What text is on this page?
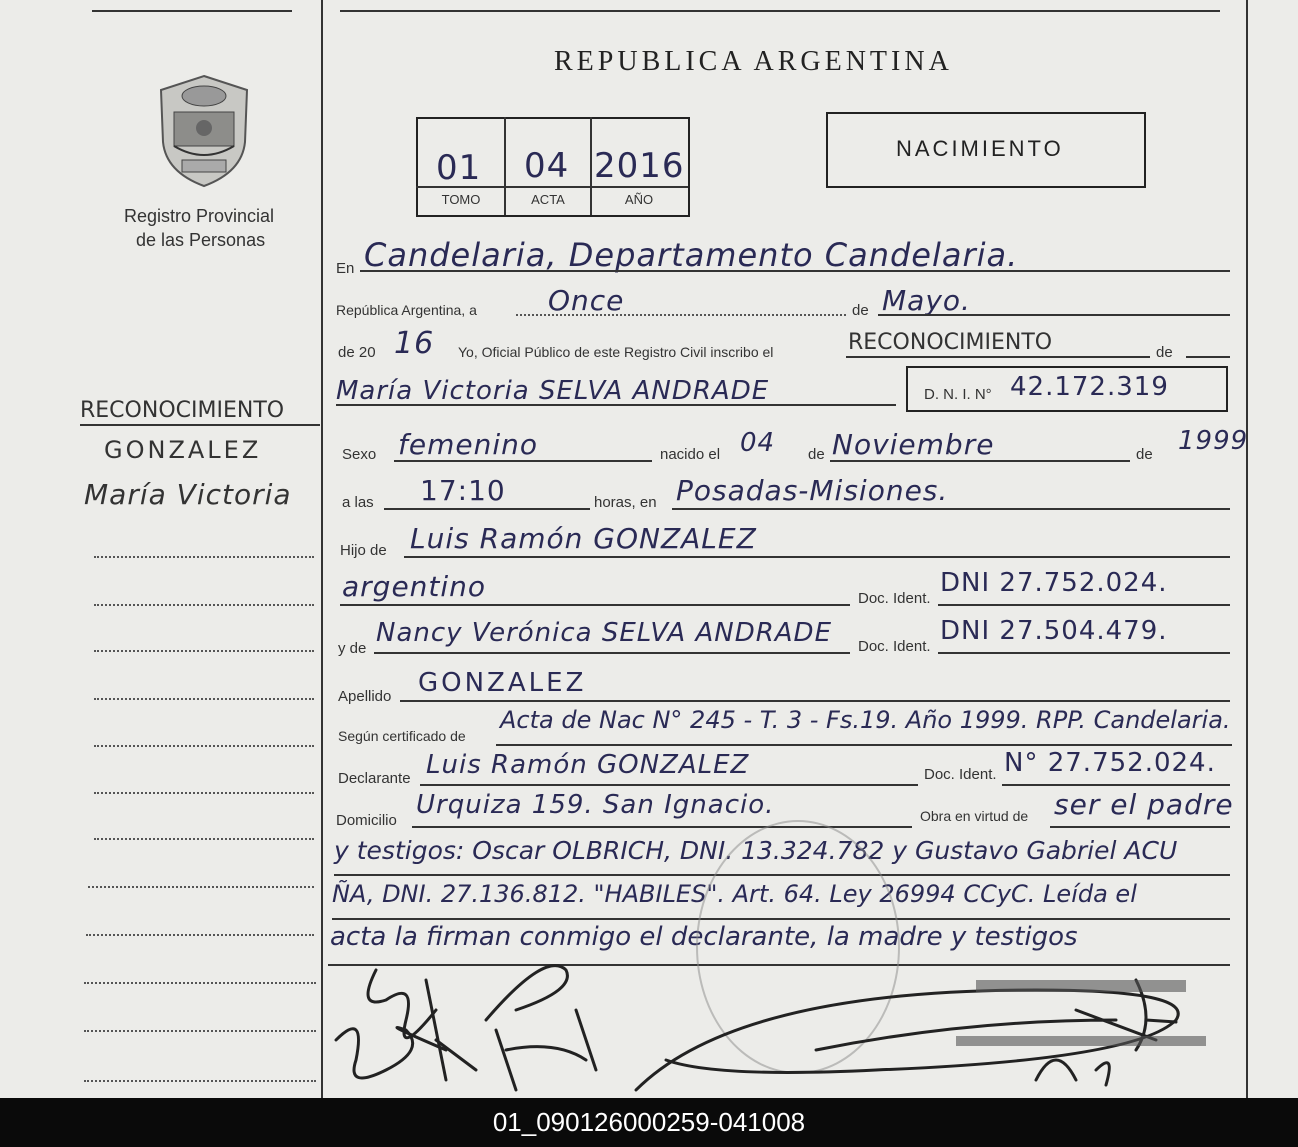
Registro Provincial
de las Personas
REPUBLICA ARGENTINA
01 04 2016
TOMO	ACTA	AÑO
NACIMIENTO
RECONOCIMIENTO
GONZALEZ
María Victoria
En Candelaria, Departamento Candelaria.
República Argentina, a	Once	de Mayo.
de 20 16 Yo, Oficial Público de este Registro Civil inscribo el	RECONOCIMIENTO	de
María Victoria SELVA ANDRADE	D. N. I. N° 42.172.319
Sexo femenino	nacido el 04 de Noviembre	de 1999
a las 17:10	horas, en Posadas-Misiones.
Hijo de Luis Ramón GONZALEZ
argentino	Doc. Ident.
DNI 27.752.024.
y de
Nancy Verónica SELVA ANDRADE Doc. Ident.
DNI 27.504.479.
Apellido GONZALEZ
Según certificado de
Acta de Nac N° 245 - T. 3 - Fs.19. Año 1999. RPP. Candelaria.
Declarante Luis Ramón GONZALEZ	Doc. Ident. N° 27.752.024.
Domicilio
Urquiza 159. San Ignacio.	Obra en virtud de ser el padre
y testigos: Oscar OLBRICH, DNI. 13.324.782 y Gustavo Gabriel ACU
ÑA, DNI. 27.136.812. "HABILES". Art. 64. Ley 26994 CCyC. Leída el
acta la firman conmigo el declarante, la madre y testigos
01_090126000259-041008
